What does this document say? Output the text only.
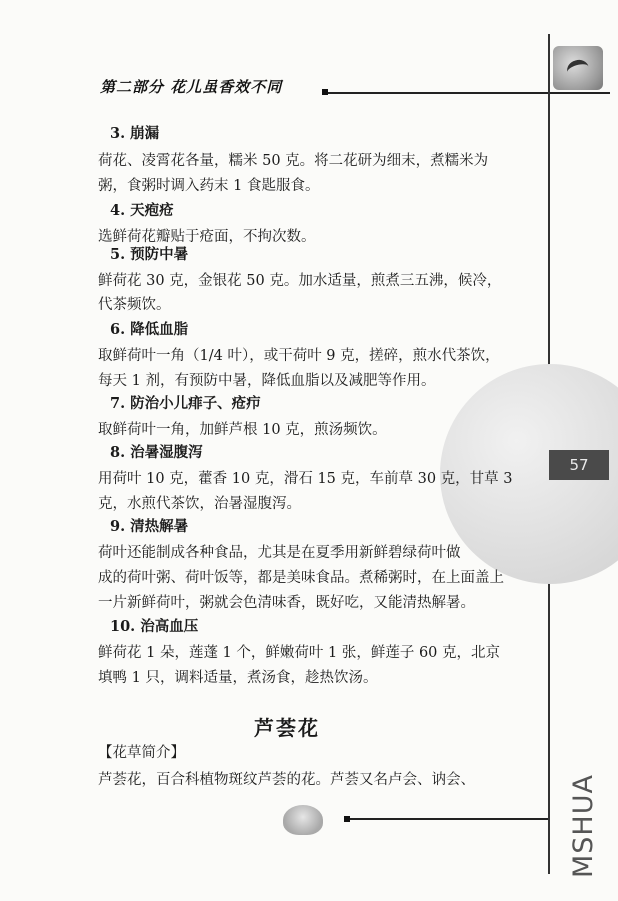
第二部分 花儿虽香效不同
57
3. 崩漏
荷花、凌霄花各量，糯米 50 克。将二花研为细末，煮糯米为
粥，食粥时调入药末 1 食匙服食。
4. 天疱疮
选鲜荷花瓣贴于疮面，不拘次数。
5. 预防中暑
鲜荷花 30 克，金银花 50 克。加水适量，煎煮三五沸，候冷，
代茶频饮。
6. 降低血脂
取鲜荷叶一角（1/4 叶），或干荷叶 9 克，搓碎，煎水代茶饮，
每天 1 剂，有预防中暑，降低血脂以及减肥等作用。
7. 防治小儿痱子、疮疖
取鲜荷叶一角，加鲜芦根 10 克，煎汤频饮。
8. 治暑湿腹泻
用荷叶 10 克，藿香 10 克，滑石 15 克，车前草 30 克，甘草 3
克，水煎代茶饮，治暑湿腹泻。
9. 清热解暑
荷叶还能制成各种食品，尤其是在夏季用新鲜碧绿荷叶做
成的荷叶粥、荷叶饭等，都是美味食品。煮稀粥时，在上面盖上
一片新鲜荷叶，粥就会色清味香，既好吃，又能清热解暑。
10. 治高血压
鲜荷花 1 朵，莲蓬 1 个，鲜嫩荷叶 1 张，鲜莲子 60 克，北京
填鸭 1 只，调料适量，煮汤食，趁热饮汤。
芦荟花
【花草简介】
芦荟花，百合科植物斑纹芦荟的花。芦荟又名卢会、讷会、	MSHUA
